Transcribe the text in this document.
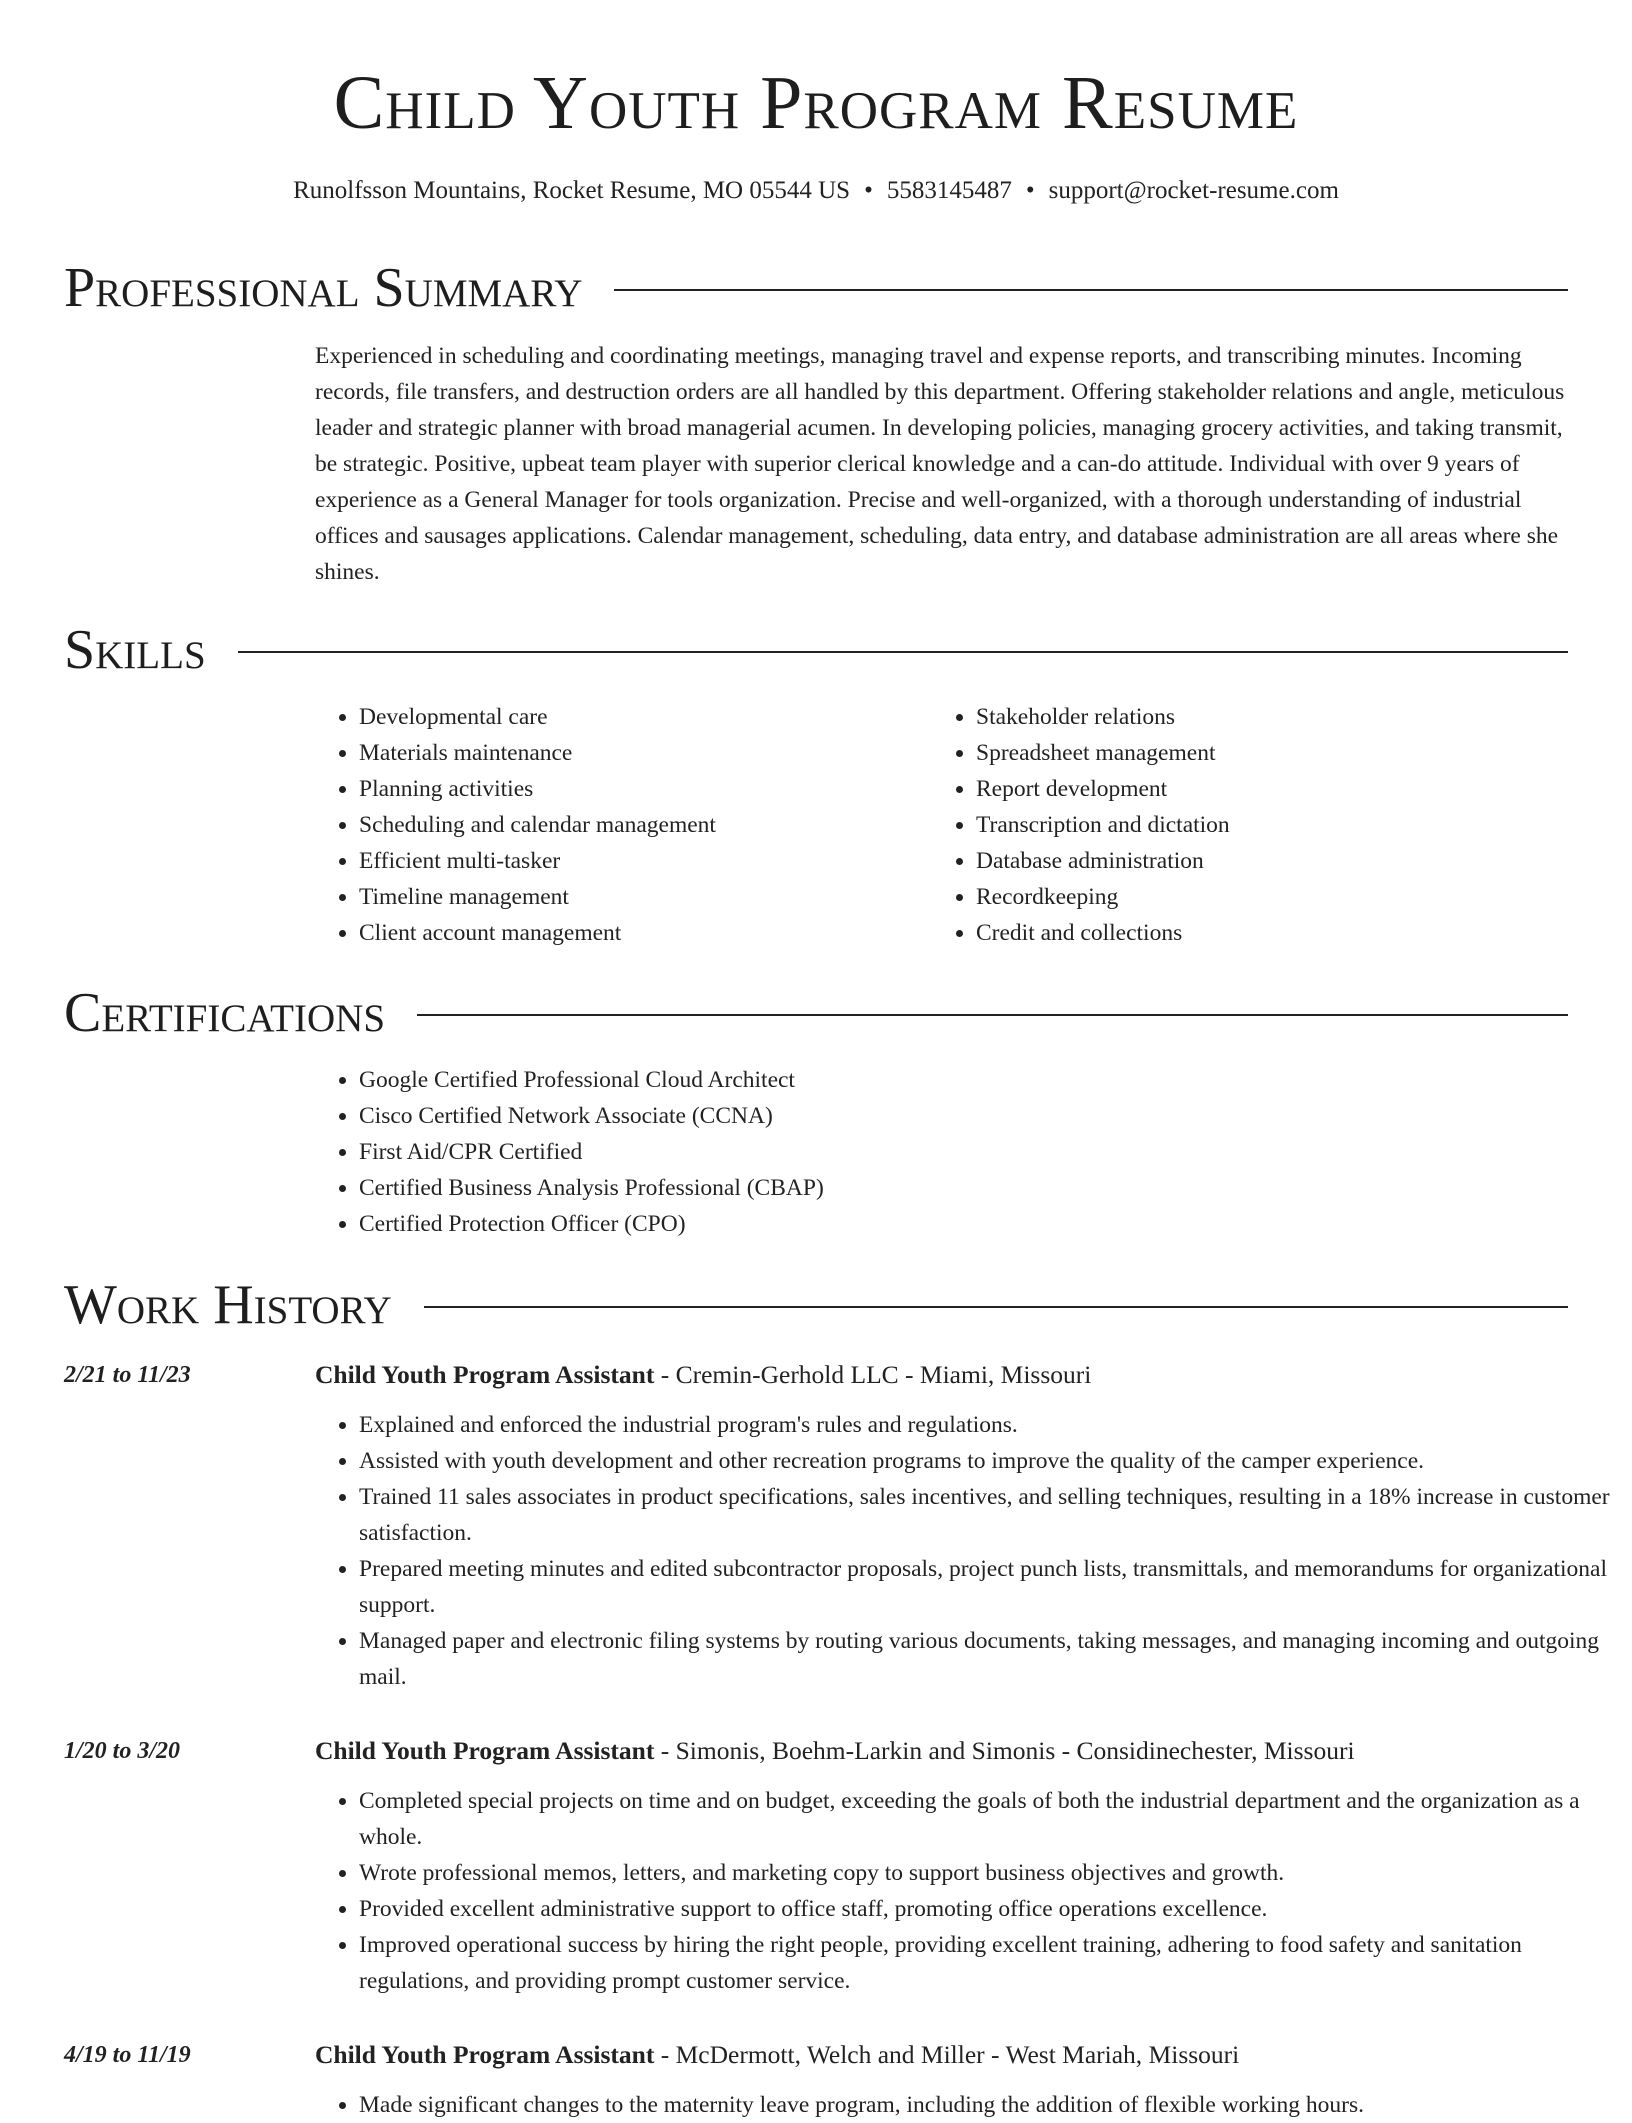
Child Youth Program Resume
Runolfsson Mountains, Rocket Resume, MO 05544 US • 5583145487 • support@rocket-resume.com
Professional Summary

Experienced in scheduling and coordinating meetings, managing travel and expense reports, and transcribing minutes. Incoming records, file transfers, and destruction orders are all handled by this department. Offering stakeholder relations and angle, meticulous leader and strategic planner with broad managerial acumen. In developing policies, managing grocery activities, and taking transmit, be strategic. Positive, upbeat team player with superior clerical knowledge and a can-do attitude. Individual with over 9 years of experience as a General Manager for tools organization. Precise and well-organized, with a thorough understanding of industrial offices and sausages applications. Calendar management, scheduling, data entry, and database administration are all areas where she shines.

Skills
• Developmental care
• Materials maintenance
• Planning activities
• Scheduling and calendar management
• Efficient multi-tasker
• Timeline management
• Client account management
• Stakeholder relations
• Spreadsheet management
• Report development
• Transcription and dictation
• Database administration
• Recordkeeping
• Credit and collections
Certifications
• Google Certified Professional Cloud Architect
• Cisco Certified Network Associate (CCNA)
• First Aid/CPR Certified
• Certified Business Analysis Professional (CBAP)
• Certified Protection Officer (CPO)
Work History
2/21 to 11/23	Child Youth Program Assistant - Cremin-Gerhold LLC - Miami, Missouri
• Explained and enforced the industrial program's rules and regulations.
• Assisted with youth development and other recreation programs to improve the quality of the camper experience.
• Trained 11 sales associates in product specifications, sales incentives, and selling techniques, resulting in a 18% increase in customer satisfaction.
• Prepared meeting minutes and edited subcontractor proposals, project punch lists, transmittals, and memorandums for organizational support.
• Managed paper and electronic filing systems by routing various documents, taking messages, and managing incoming and outgoing mail.
1/20 to 3/20	Child Youth Program Assistant - Simonis, Boehm-Larkin and Simonis - Considinechester, Missouri
• Completed special projects on time and on budget, exceeding the goals of both the industrial department and the organization as a whole.
• Wrote professional memos, letters, and marketing copy to support business objectives and growth.
• Provided excellent administrative support to office staff, promoting office operations excellence.
• Improved operational success by hiring the right people, providing excellent training, adhering to food safety and sanitation regulations, and providing prompt customer service.
4/19 to 11/19	Child Youth Program Assistant - McDermott, Welch and Miller - West Mariah, Missouri
• Made significant changes to the maternity leave program, including the addition of flexible working hours.
